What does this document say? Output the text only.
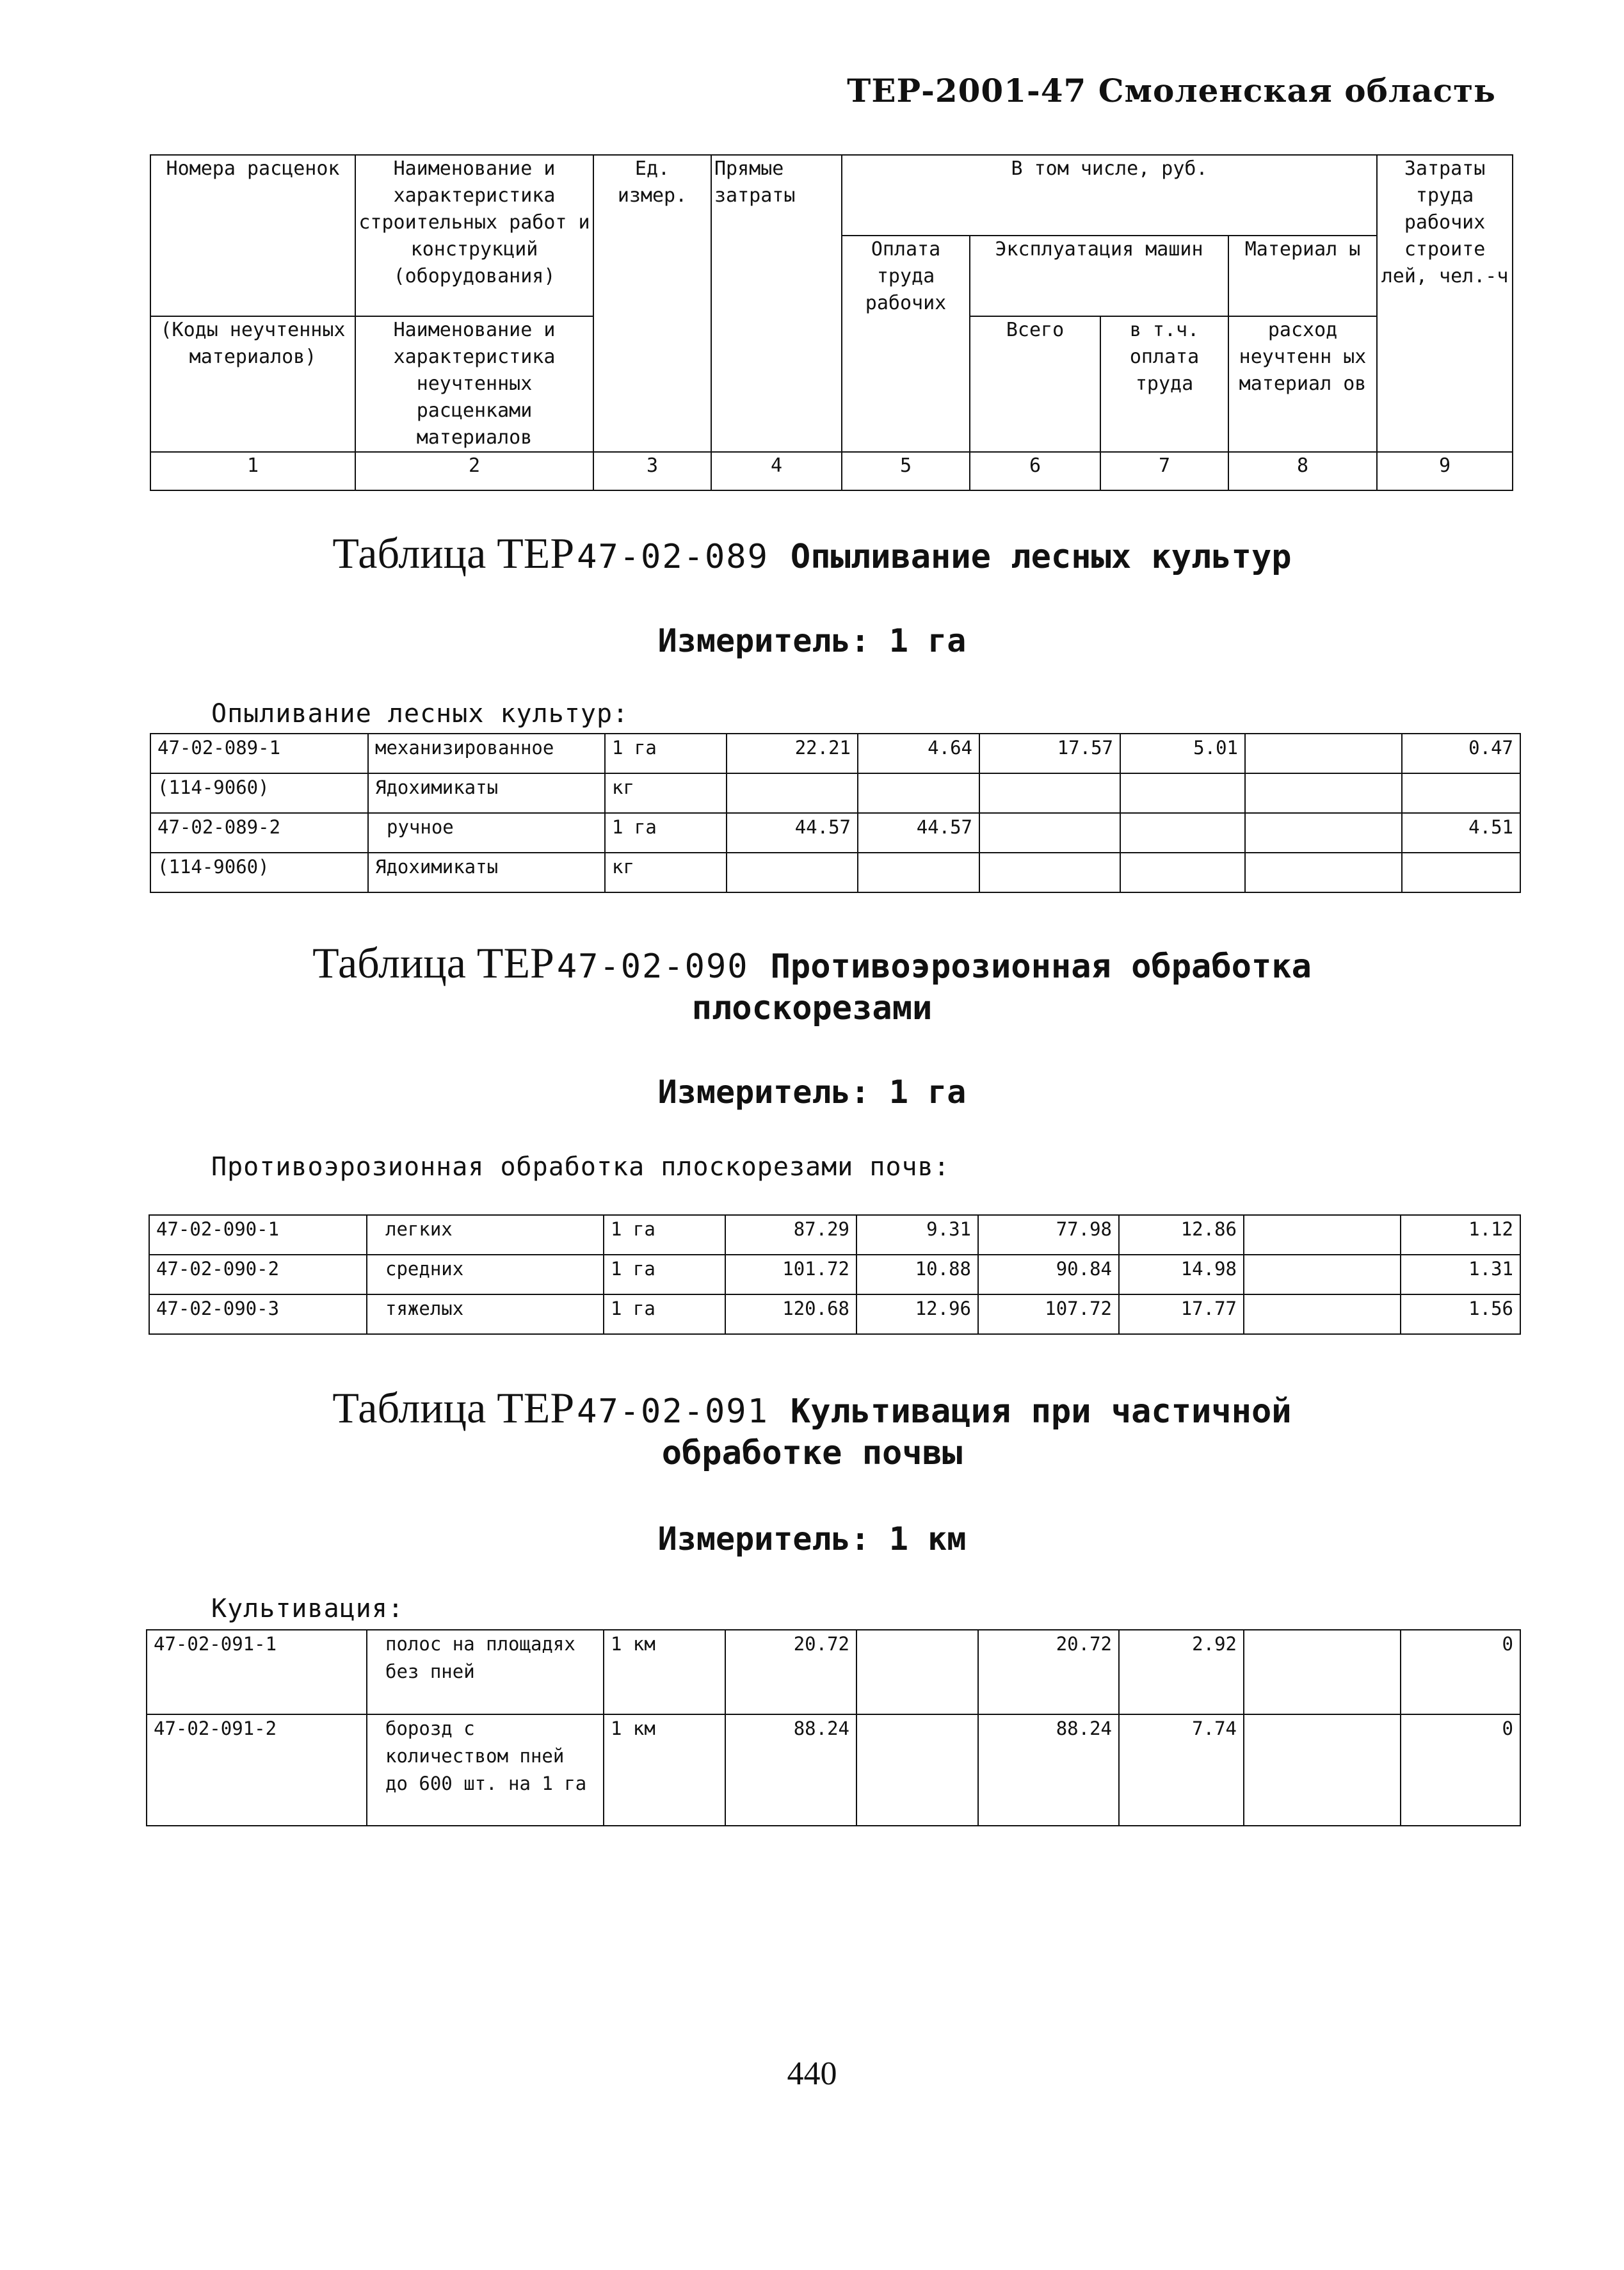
ТЕР-2001-47 Смоленская область
Номера расценок	Наименование и характеристика строительных работ и конструкций (оборудования)	Ед. измер.	Прямые затраты	В том числе, руб.				Затраты труда рабочих строите лей, чел.-ч
				Оплата труда рабочих	Эксплуатация машин		Материал ы	
(Коды неучтенных материалов)	Наименование и характеристика неучтенных расценками материалов				Всего	в т.ч. оплата труда	расход неучтенн ых материал ов	

1	2	3	4	5	6	7	8	9
Таблица ТЕР 47-02-089 Опыливание лесных культур
Измеритель: 1 га
Опыливание лесных культур:
47-02-089-1	механизированное	1 га	22.21	4.64	17.57	5.01		0.47
(114-9060)	Ядохимикаты	кг						
47-02-089-2	ручное	1 га	44.57	44.57				4.51
(114-9060)	Ядохимикаты	кг						
Таблица ТЕР 47-02-090 Противоэрозионная обработка
плоскорезами
Измеритель: 1 га
Противоэрозионная обработка плоскорезами почв:
47-02-090-1	легких	1 га	87.29	9.31	77.98	12.86		1.12
47-02-090-2	средних	1 га	101.72	10.88	90.84	14.98		1.31
47-02-090-3	тяжелых	1 га	120.68	12.96	107.72	17.77		1.56
Таблица ТЕР 47-02-091 Культивация при частичной
обработке почвы
Измеритель: 1 км
Культивация:
47-02-091-1	полос на площадях без пней	1 км	20.72		20.72	2.92		0
47-02-091-2	борозд с количеством пней до 600 шт. на 1 га	1 км	88.24		88.24	7.74		0
440
